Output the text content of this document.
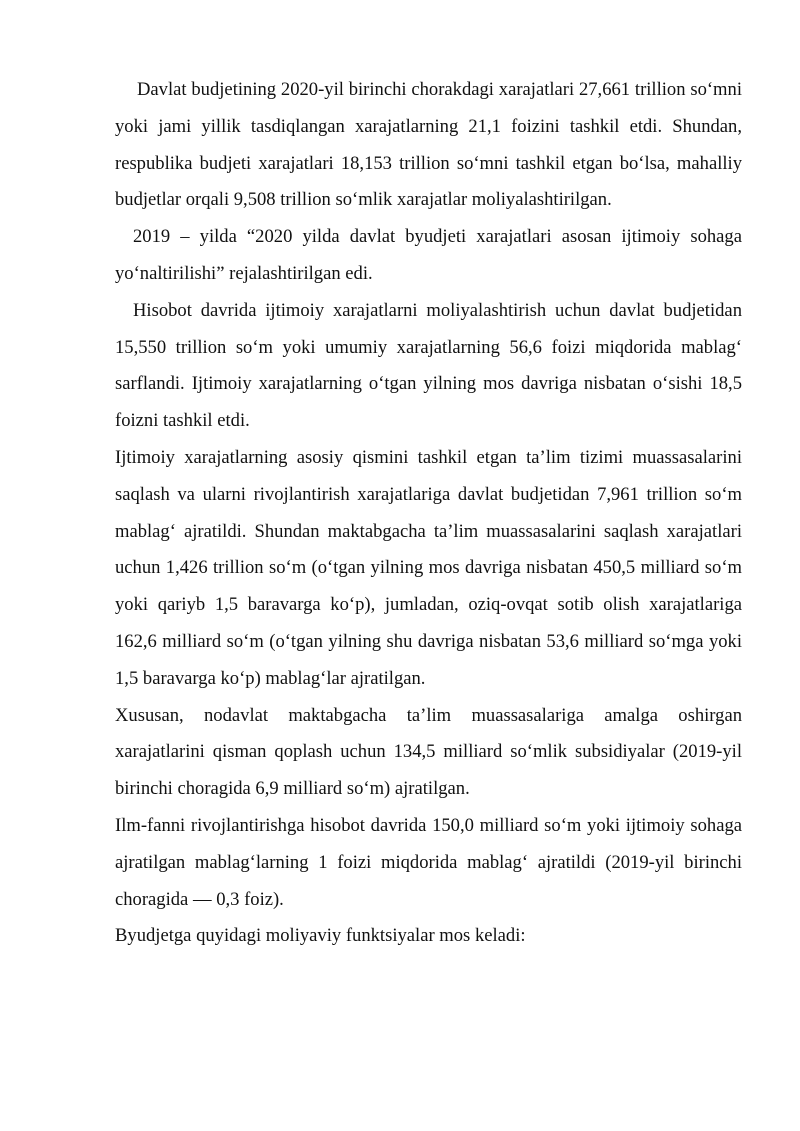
Davlat budjetining 2020-yil birinchi chorakdagi xarajatlari 27,661 trillion so‘mni yoki jami yillik tasdiqlangan xarajatlarning 21,1 foizini tashkil etdi. Shundan, respublika budjeti xarajatlari 18,153 trillion so‘mni tashkil etgan bo‘lsa, mahalliy budjetlar orqali 9,508 trillion so‘mlik xarajatlar moliyalashtirilgan.

2019 – yilda “2020 yilda davlat byudjeti xarajatlari asosan ijtimoiy sohaga yo‘naltirilishi” rejalashtirilgan edi.

Hisobot davrida ijtimoiy xarajatlarni moliyalashtirish uchun davlat budjetidan 15,550 trillion so‘m yoki umumiy xarajatlarning 56,6 foizi miqdorida mablag‘ sarflandi. Ijtimoiy xarajatlarning o‘tgan yilning mos davriga nisbatan o‘sishi 18,5 foizni tashkil etdi.

Ijtimoiy xarajatlarning asosiy qismini tashkil etgan ta’lim tizimi muassasalarini saqlash va ularni rivojlantirish xarajatlariga davlat budjetidan 7,961 trillion so‘m mablag‘ ajratildi. Shundan maktabgacha ta’lim muassasalarini saqlash xarajatlari uchun 1,426 trillion so‘m (o‘tgan yilning mos davriga nisbatan 450,5 milliard so‘m yoki qariyb 1,5 baravarga ko‘p), jumladan, oziq-ovqat sotib olish xarajatlariga 162,6 milliard so‘m (o‘tgan yilning shu davriga nisbatan 53,6 milliard so‘mga yoki 1,5 baravarga ko‘p) mablag‘lar ajratilgan.

Xususan, nodavlat maktabgacha ta’lim muassasalariga amalga oshirgan xarajatlarini qisman qoplash uchun 134,5 milliard so‘mlik subsidiyalar (2019-yil birinchi choragida 6,9 milliard so‘m) ajratilgan.

Ilm-fanni rivojlantirishga hisobot davrida 150,0 milliard so‘m yoki ijtimoiy sohaga ajratilgan mablag‘larning 1 foizi miqdorida mablag‘ ajratildi (2019-yil birinchi choragida — 0,3 foiz).

Byudjetga quyidagi moliyaviy funktsiyalar mos keladi:
